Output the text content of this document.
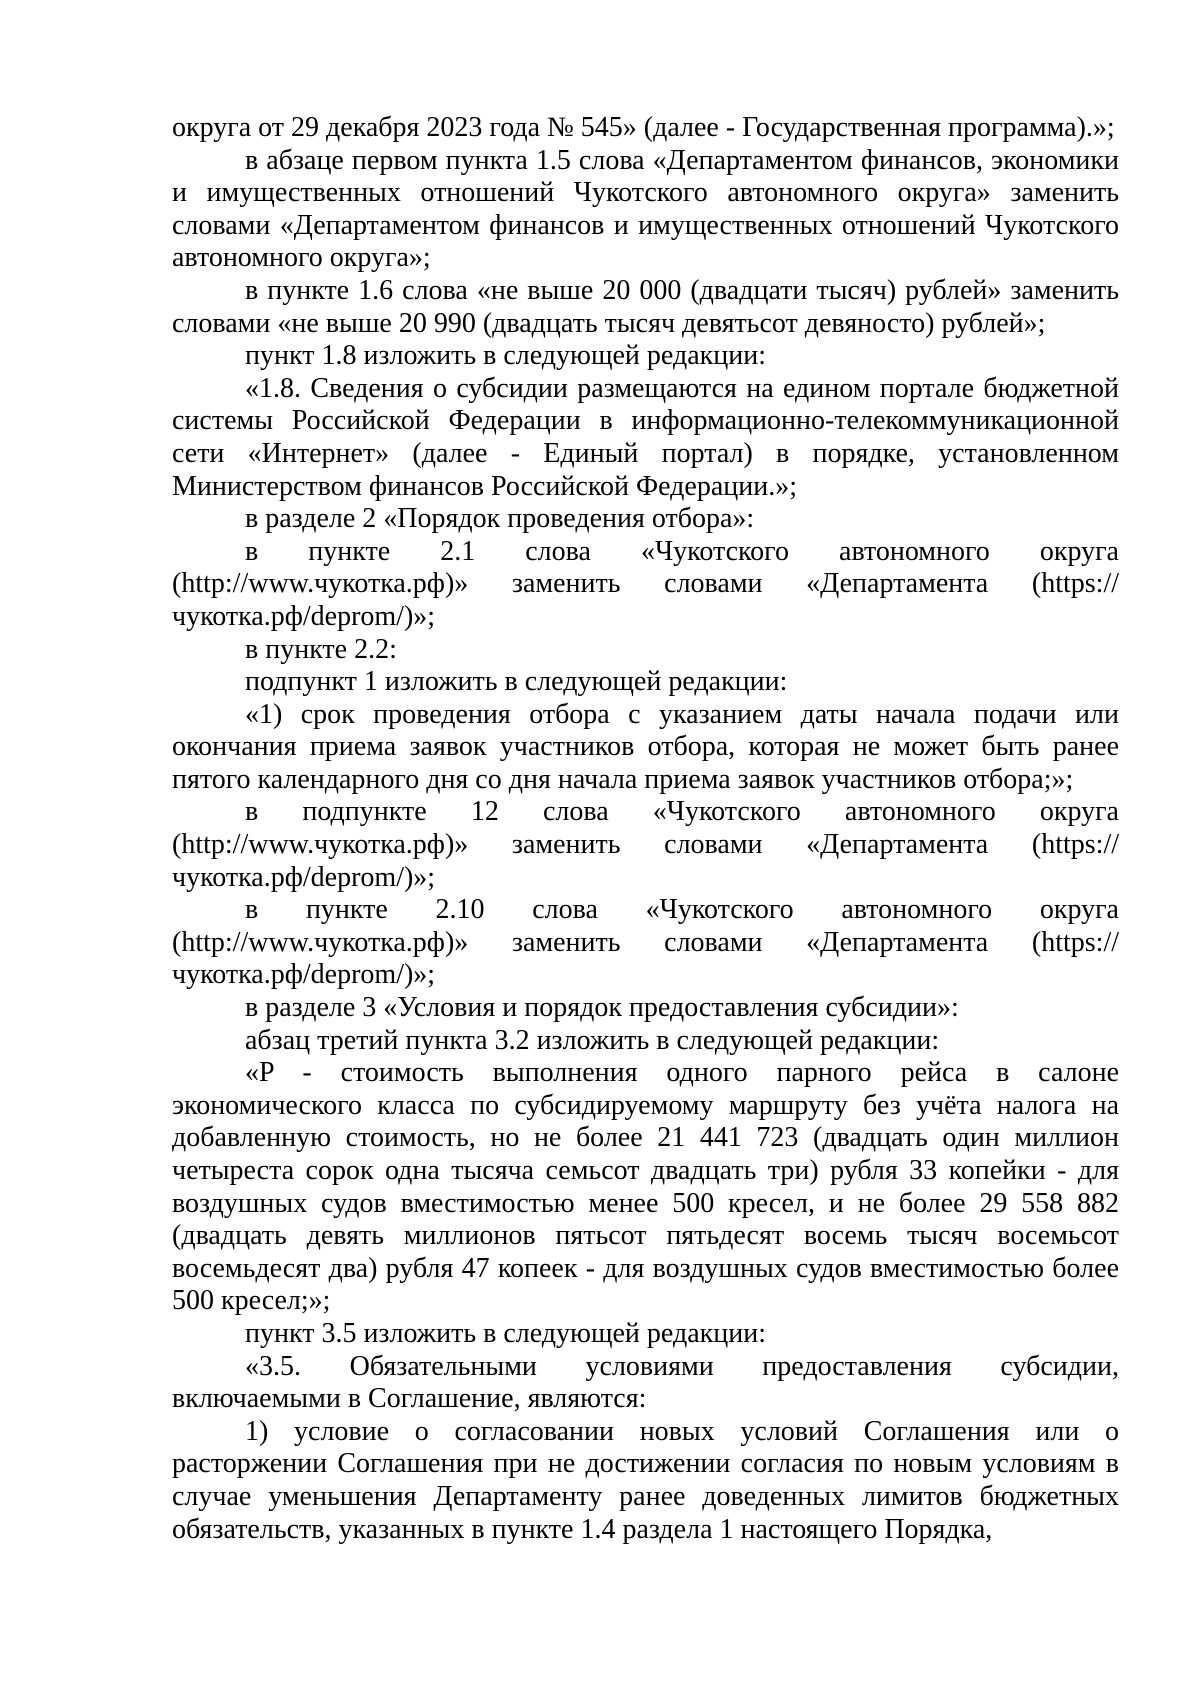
округа от 29 декабря 2023 года № 545» (далее - Государственная программа).»;

в абзаце первом пункта 1.5 слова «Департаментом финансов, экономики и имущественных отношений Чукотского автономного округа» заменить словами «Департаментом финансов и имущественных отношений Чукотского автономного округа»;

в пункте 1.6 слова «не выше 20 000 (двадцати тысяч) рублей» заменить словами «не выше 20 990 (двадцать тысяч девятьсот девяносто) рублей»;

пункт 1.8 изложить в следующей редакции:

«1.8. Сведения о субсидии размещаются на едином портале бюджетной системы Российской Федерации в информационно-телекоммуникационной сети «Интернет» (далее - Единый портал) в порядке, установленном Министерством финансов Российской Федерации.»;

в разделе 2 «Порядок проведения отбора»:

в пункте 2.1 слова «Чукотского автономного округа (http://www.чукотка.рф)» заменить словами «Департамента (https://чукотка.рф/deprom/)»;

в пункте 2.2:

подпункт 1 изложить в следующей редакции:

«1) срок проведения отбора с указанием даты начала подачи или окончания приема заявок участников отбора, которая не может быть ранее пятого календарного дня со дня начала приема заявок участников отбора;»;

в подпункте 12 слова «Чукотского автономного округа (http://www.чукотка.рф)» заменить словами «Департамента (https://чукотка.рф/deprom/)»;

в пункте 2.10 слова «Чукотского автономного округа (http://www.чукотка.рф)» заменить словами «Департамента (https://чукотка.рф/deprom/)»;

в разделе 3 «Условия и порядок предоставления субсидии»:

абзац третий пункта 3.2 изложить в следующей редакции:

«P - стоимость выполнения одного парного рейса в салоне экономического класса по субсидируемому маршруту без учёта налога на добавленную стоимость, но не более 21 441 723 (двадцать один миллион четыреста сорок одна тысяча семьсот двадцать три) рубля 33 копейки - для воздушных судов вместимостью менее 500 кресел, и не более 29 558 882 (двадцать девять миллионов пятьсот пятьдесят восемь тысяч восемьсот восемьдесят два) рубля 47 копеек - для воздушных судов вместимостью более 500 кресел;»;

пункт 3.5 изложить в следующей редакции:

«3.5. Обязательными условиями предоставления субсидии, включаемыми в Соглашение, являются:

1) условие о согласовании новых условий Соглашения или о расторжении Соглашения при не достижении согласия по новым условиям в случае уменьшения Департаменту ранее доведенных лимитов бюджетных обязательств, указанных в пункте 1.4 раздела 1 настоящего Порядка,
